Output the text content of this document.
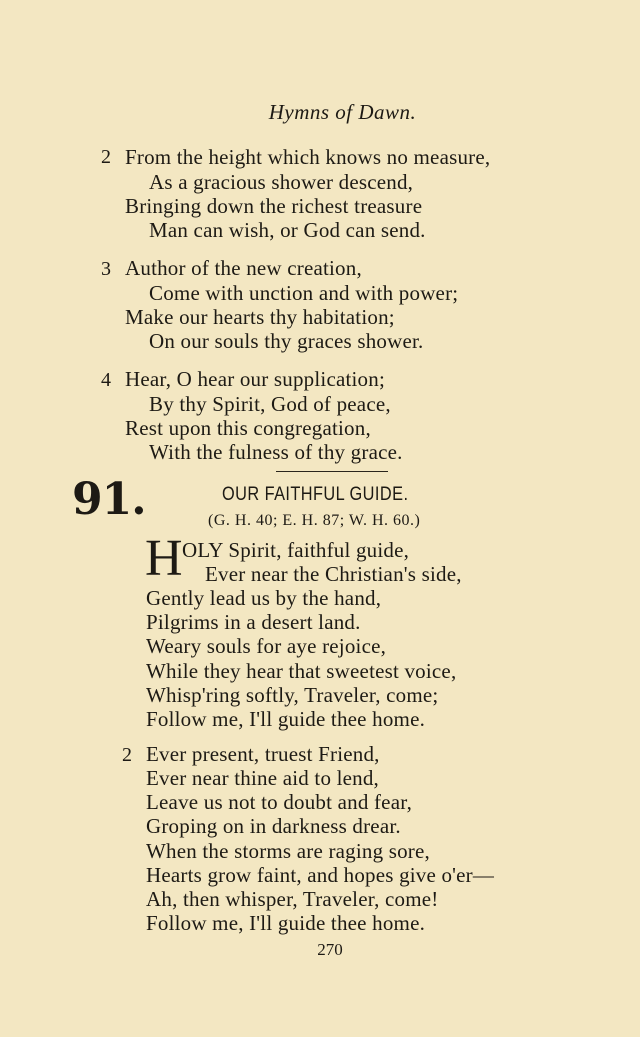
Hymns of Dawn.
2 From the height which knows no measure,
As a gracious shower descend,
Bringing down the richest treasure
Man can wish, or God can send.
3 Author of the new creation,
Come with unction and with power;
Make our hearts thy habitation;
On our souls thy graces shower.
4 Hear, O hear our supplication;
By thy Spirit, God of peace,
Rest upon this congregation,
With the fulness of thy grace.
91.	OUR FAITHFUL GUIDE.
(G. H. 40; E. H. 87; W. H. 60.)
H OLY Spirit, faithful guide,
Ever near the Christian's side,
Gently lead us by the hand,
Pilgrims in a desert land.
Weary souls for aye rejoice,
While they hear that sweetest voice,
Whisp'ring softly, Traveler, come;
Follow me, I'll guide thee home.
2 Ever present, truest Friend,
Ever near thine aid to lend,
Leave us not to doubt and fear,
Groping on in darkness drear.
When the storms are raging sore,
Hearts grow faint, and hopes give o'er—
Ah, then whisper, Traveler, come!
Follow me, I'll guide thee home.
270
